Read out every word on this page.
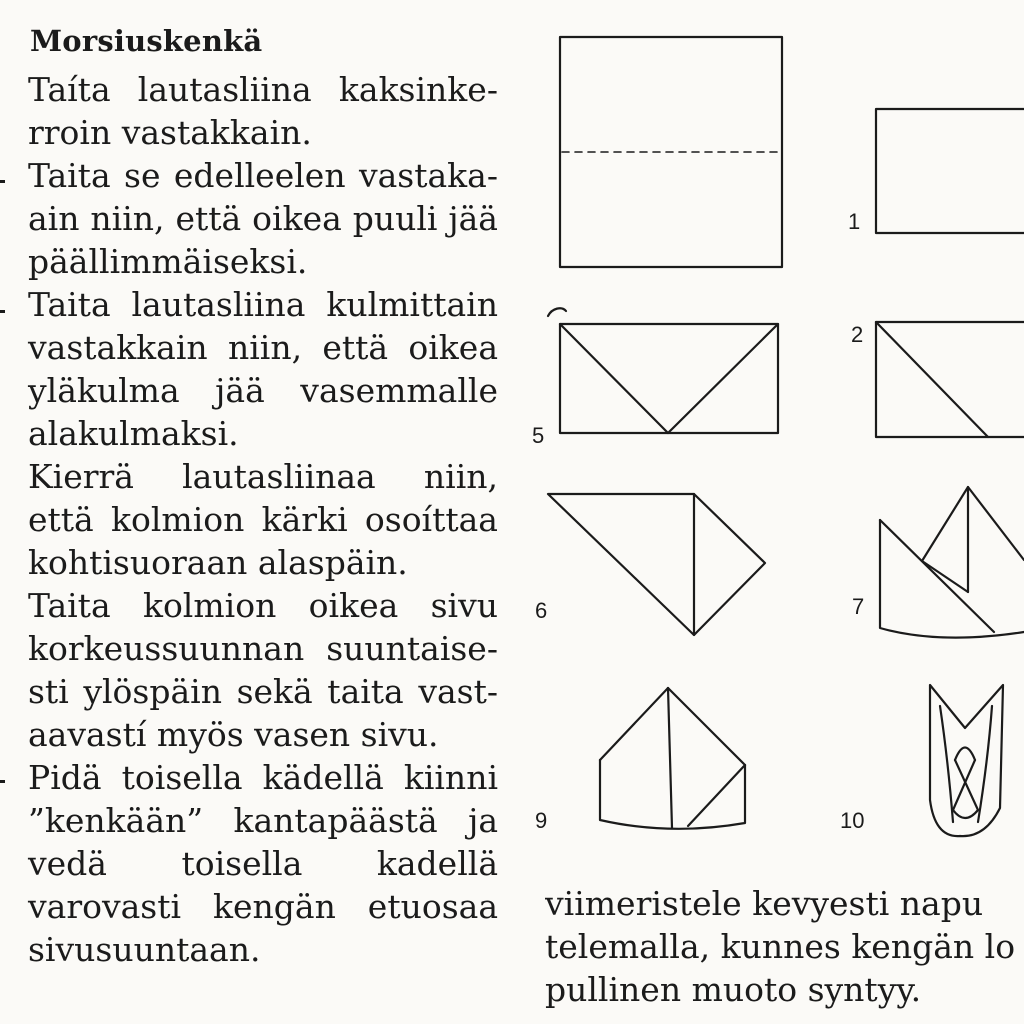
Morsiuskenkä

Taíta lautasliina kaksinkerroin vastakkain.

Taita se edelleelen vastakaain niin, että oikea puuli jää päällimmäiseksi.

Taita lautasliina kulmittain vastakkain niin, että oikea yläkulma jää vasemmalle alakulmaksi.

Kierrä lautasliinaa niin, että kolmion kärki osoíttaa kohtisuoraan alaspäin.

Taita kolmion oikea sivu korkeussuunnan suuntaisesti ylöspäin sekä taita vastaavastí myös vasen sivu.

Pidä toisella kädellä kiinni ”kenkään” kantapäästä ja vedä toisella kadellä varovasti kengän etuosaa sivusuuntaan.

1
2
5
6	7
9	10
viimeristele kevyesti napu
telemalla, kunnes kengän lo
pullinen muoto syntyy.
